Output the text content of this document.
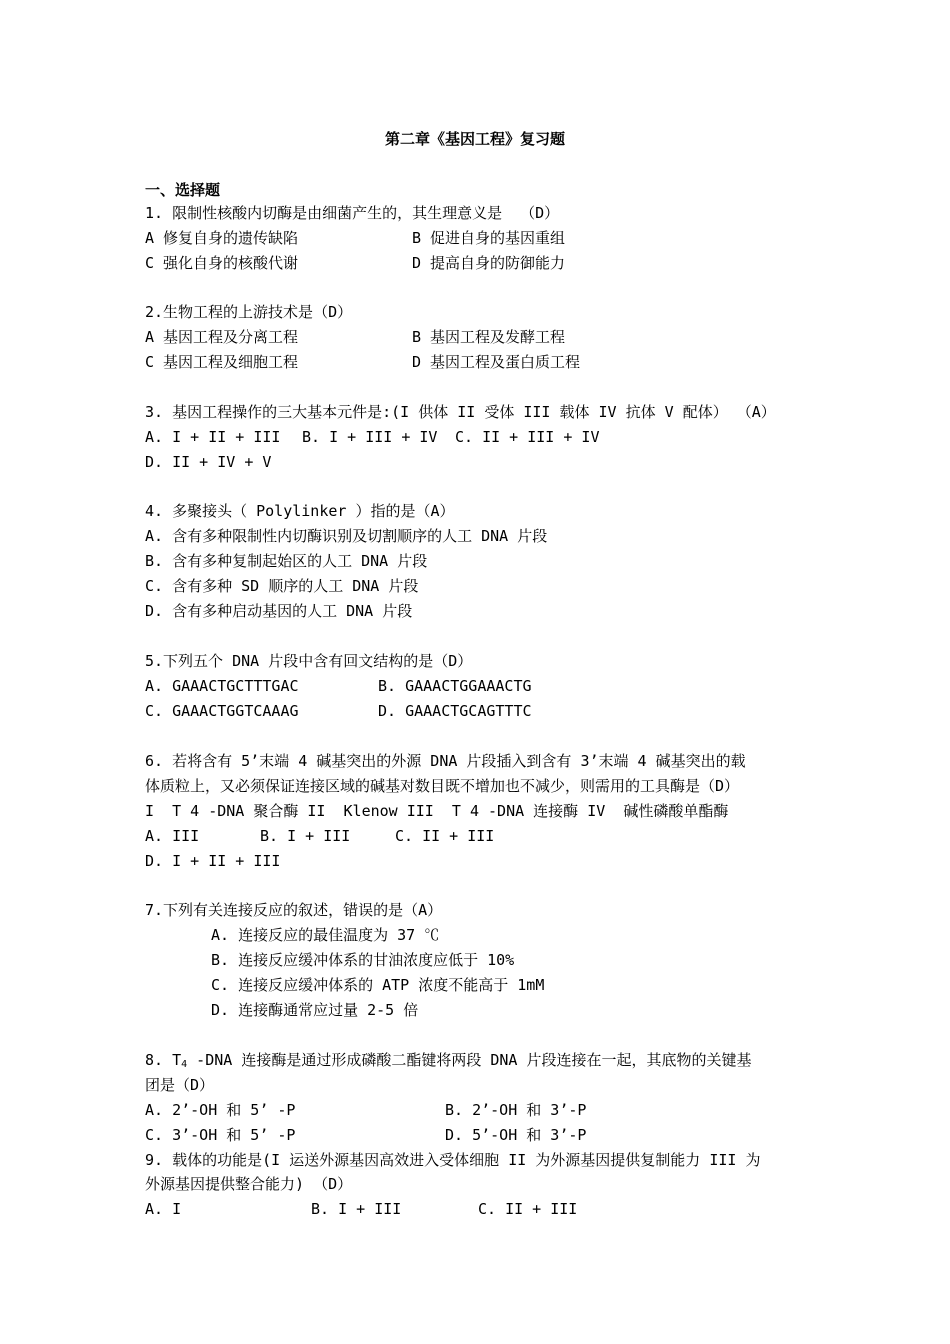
第二章《基因工程》复习题
一、选择题
1. 限制性核酸内切酶是由细菌产生的，其生理意义是  （D）
A 修复自身的遗传缺陷	B 促进自身的基因重组
C 强化自身的核酸代谢	D 提高自身的防御能力
2.生物工程的上游技术是（D）
A 基因工程及分离工程	B 基因工程及发酵工程
C 基因工程及细胞工程	D 基因工程及蛋白质工程
3. 基因工程操作的三大基本元件是:(I 供体 II 受体 III 载体 IV 抗体 V 配体） （A）
A. I + II + III B. I + III + IV C. II + III + IV
D. II + IV + V
4. 多聚接头（ Polylinker ）指的是（A）
A. 含有多种限制性内切酶识别及切割顺序的人工 DNA 片段
B. 含有多种复制起始区的人工 DNA 片段
C. 含有多种 SD 顺序的人工 DNA 片段
D. 含有多种启动基因的人工 DNA 片段
5.下列五个 DNA 片段中含有回文结构的是（D）
A. GAAACTGCTTTGAC	B. GAAACTGGAAACTG
C. GAAACTGGTCAAAG	D. GAAACTGCAGTTTC
6. 若将含有 5’末端 4 碱基突出的外源 DNA 片段插入到含有 3’末端 4 碱基突出的载
体质粒上，又必须保证连接区域的碱基对数目既不增加也不减少，则需用的工具酶是（D）
I  T 4 -DNA 聚合酶 II  Klenow III  T 4 -DNA 连接酶 IV  碱性磷酸单酯酶
A. III	B. I + III	C. II + III
D. I + II + III
7.下列有关连接反应的叙述，错误的是（A）
A. 连接反应的最佳温度为 37 ℃
B. 连接反应缓冲体系的甘油浓度应低于 10%
C. 连接反应缓冲体系的 ATP 浓度不能高于 1mM
D. 连接酶通常应过量 2-5 倍
8. $T_4$ -DNA 连接酶是通过形成磷酸二酯键将两段 DNA 片段连接在一起，其底物的关键基
团是（D）
A. 2’-OH 和 5’ -P	B. 2’-OH 和 3’-P
C. 3’-OH 和 5’ -P	D. 5’-OH 和 3’-P
9. 载体的功能是(I 运送外源基因高效进入受体细胞 II 为外源基因提供复制能力 III 为
外源基因提供整合能力) （D）
A. I	B. I + III	C. II + III
